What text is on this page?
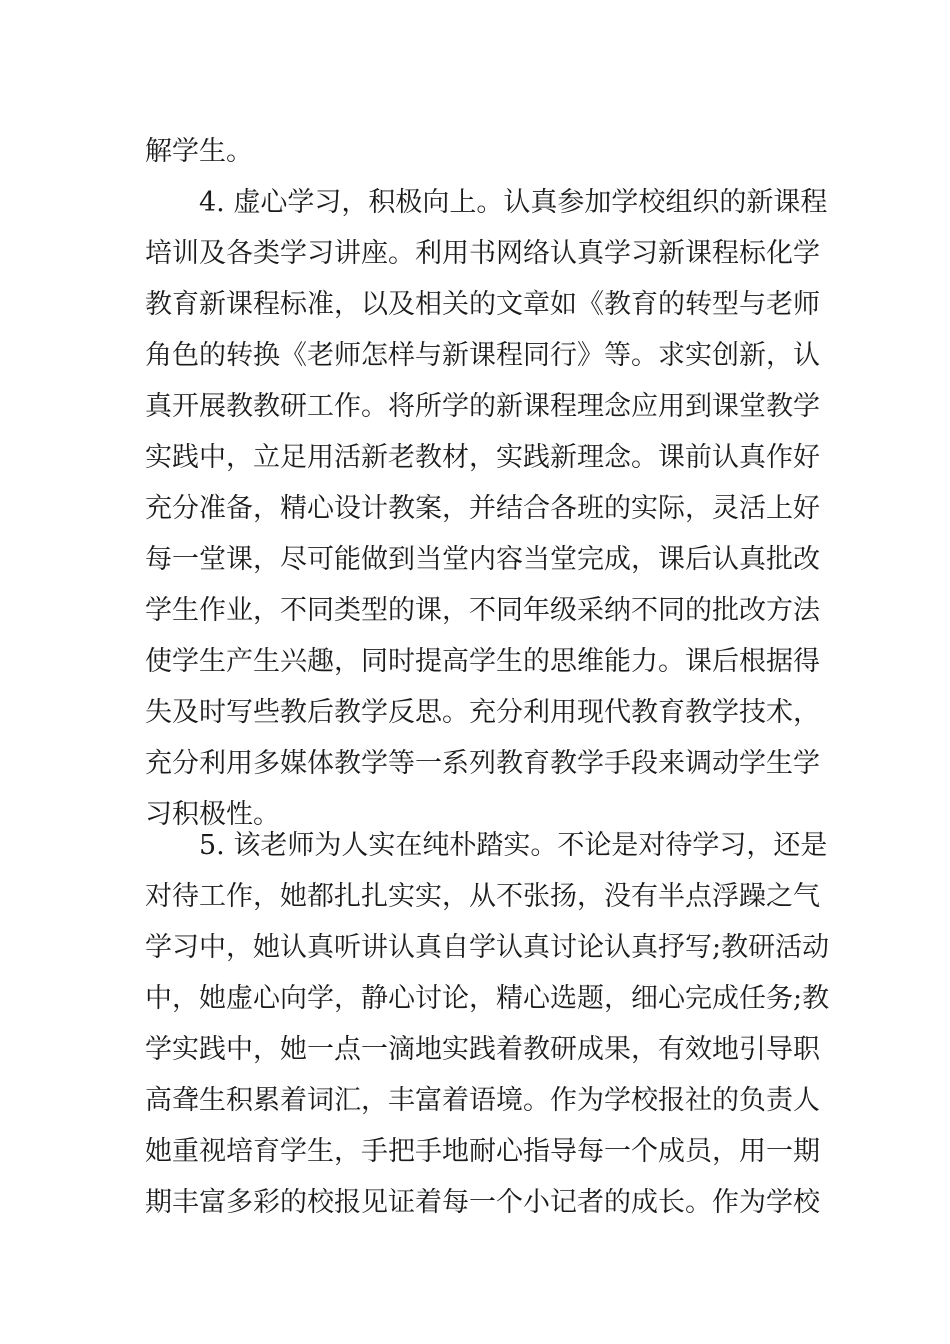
解学生。
4. 虚心学习，积极向上。认真参加学校组织的新课程
培训及各类学习讲座。利用书网络认真学习新课程标化学
教育新课程标准，以及相关的文章如《教育的转型与老师
角色的转换《老师怎样与新课程同行》等。求实创新，认
真开展教教研工作。将所学的新课程理念应用到课堂教学
实践中，立足用活新老教材，实践新理念。课前认真作好
充分准备，精心设计教案，并结合各班的实际，灵活上好
每一堂课，尽可能做到当堂内容当堂完成，课后认真批改
学生作业，不同类型的课，不同年级采纳不同的批改方法
使学生产生兴趣，同时提高学生的思维能力。课后根据得
失及时写些教后教学反思。充分利用现代教育教学技术，
充分利用多媒体教学等一系列教育教学手段来调动学生学
习积极性。
5. 该老师为人实在纯朴踏实。不论是对待学习，还是
对待工作，她都扎扎实实，从不张扬，没有半点浮躁之气
学习中，她认真听讲认真自学认真讨论认真抒写;教研活动
中，她虚心向学，静心讨论，精心选题，细心完成任务;教
学实践中，她一点一滴地实践着教研成果，有效地引导职
高聋生积累着词汇，丰富着语境。作为学校报社的负责人
她重视培育学生，手把手地耐心指导每一个成员，用一期
期丰富多彩的校报见证着每一个小记者的成长。作为学校
